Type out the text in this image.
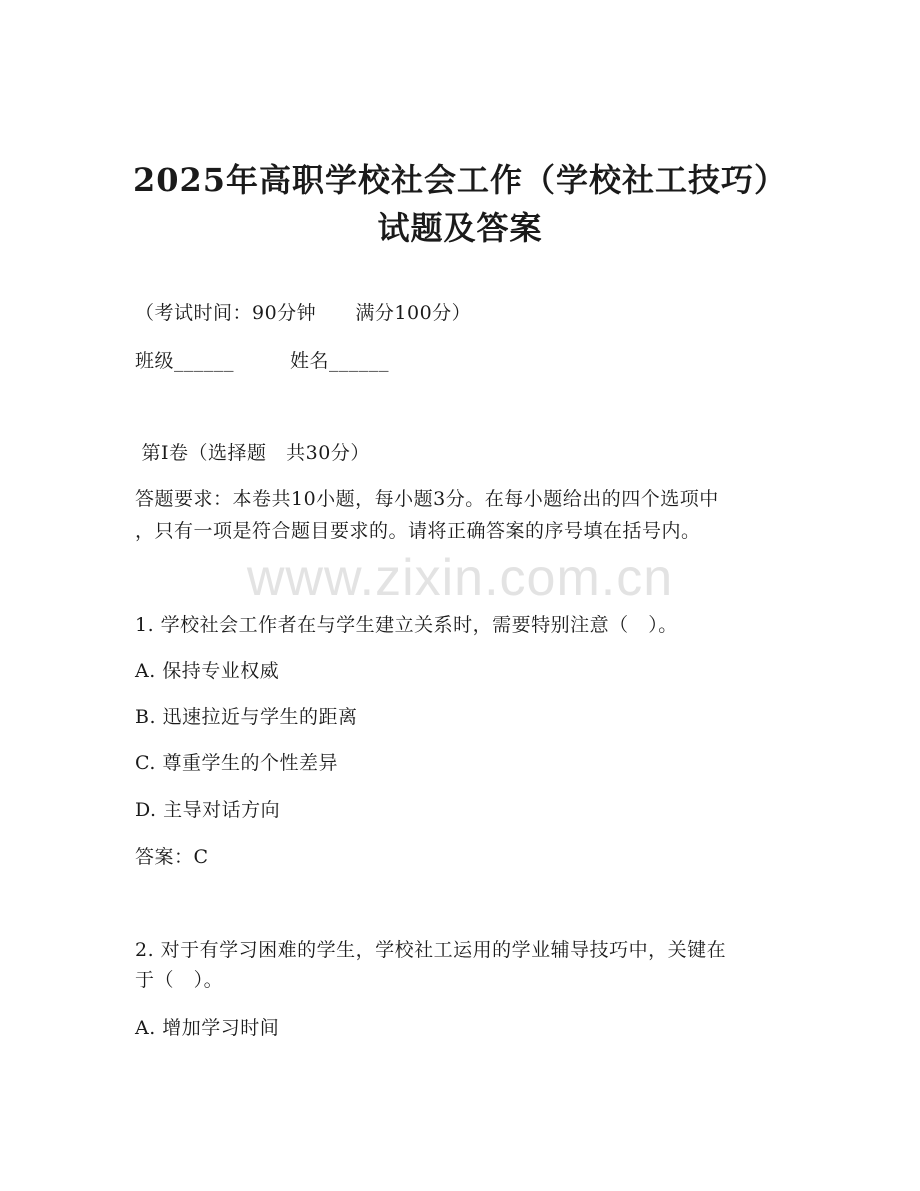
2025年高职学校社会工作（学校社工技巧）
试题及答案
（考试时间：90分钟      满分100分）
班级______	姓名______
第Ⅰ卷（选择题   共30分）
答题要求：本卷共10小题，每小题3分。在每小题给出的四个选项中
，只有一项是符合题目要求的。请将正确答案的序号填在括号内。
www.zixin.com.cn
1. 学校社会工作者在与学生建立关系时，需要特别注意（   ）。
A. 保持专业权威
B. 迅速拉近与学生的距离
C. 尊重学生的个性差异
D. 主导对话方向
答案：C
2. 对于有学习困难的学生，学校社工运用的学业辅导技巧中，关键在
于（   ）。
A. 增加学习时间
